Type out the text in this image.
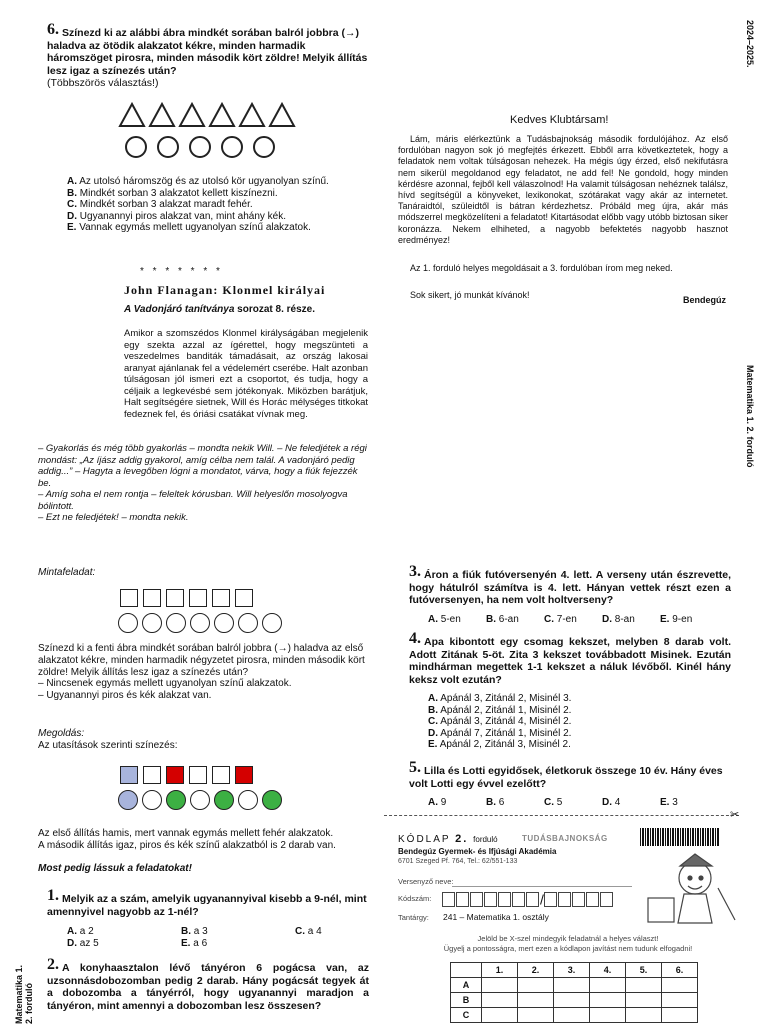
2024–2025.
Matematika 1. 2. forduló
Matematika 1. 2. forduló
6. Színezd ki az alábbi ábra mindkét sorában balról jobbra (→) haladva az ötödik alakzatot kékre, minden harmadik háromszöget pirosra, minden második kört zöldre! Melyik állítás lesz igaz a színezés után?
(Többszörös választás!)
A. Az utolsó háromszög és az utolsó kör ugyanolyan színű.
B. Mindkét sorban 3 alakzatot kellett kiszínezni.
C. Mindkét sorban 3 alakzat maradt fehér.
D. Ugyanannyi piros alakzat van, mint ahány kék.
E. Vannak egymás mellett ugyanolyan színű alakzatok.
* * * * * * *
John Flanagan: Klonmel királyai
A Vadonjáró tanítványa sorozat 8. része.
Amikor a szomszédos Klonmel királyságában megjelenik egy szekta azzal az ígérettel, hogy megszünteti a veszedelmes banditák támadásait, az ország lakosai aranyat ajánlanak fel a védelemért cserébe. Halt azonban túlságosan jól ismeri ezt a csoportot, és tudja, hogy a céljaik a legkevésbé sem jótékonyak. Miközben barátjuk, Halt segítségére sietnek, Will és Horác mélységes titkokat fedeznek fel, és óriási csatákat vívnak meg.
– Gyakorlás és még több gyakorlás – mondta nekik Will. – Ne feledjétek a régi mondást: „Az íjász addig gyakorol, amíg célba nem talál. A vadonjáró pedig addig...” – Hagyta a levegőben lógni a mondatot, várva, hogy a fiúk fejezzék be.
– Amíg soha el nem rontja – feleltek kórusban. Will helyeslőn mosolyogva bólintott.
– Ezt ne feledjétek! – mondta nekik.
Kedves Klubtársam!
Lám, máris elérkeztünk a Tudásbajnokság második fordulójához. Az első fordulóban nagyon sok jó megfejtés érkezett. Ebből arra következtetek, hogy a feladatok nem voltak túlságosan nehezek. Ha mégis úgy érzed, első nekifutásra nem sikerül megoldanod egy feladatot, ne add fel! Ne gondold, hogy minden kérdésre azonnal, fejből kell válaszolnod! Ha valamit túlságosan nehéznek találsz, hívd segítségül a könyveket, lexikonokat, szótárakat vagy akár az internetet. Tanáraidtól, szüleidtől is bátran kérdezhetsz. Próbáld meg újra, akár más módszerrel megközelíteni a feladatot! Kitartásodat előbb vagy utóbb biztosan siker koronázza. Nekem elhiheted, a nagyobb befektetés nagyobb hasznot eredményez!
Az 1. forduló helyes megoldásait a 3. fordulóban írom meg neked.
Sok sikert, jó munkát kívánok!	Bendegúz
Mintafeladat:
Színezd ki a fenti ábra mindkét sorában balról jobbra (→) haladva az első alakzatot kékre, minden harmadik négyzetet pirosra, minden második kört zöldre! Melyik állítás lesz igaz a színezés után?
– Nincsenek egymás mellett ugyanolyan színű alakzatok.
– Ugyanannyi piros és kék alakzat van.
Megoldás:
Az utasítások szerinti színezés:
Az első állítás hamis, mert vannak egymás mellett fehér alakzatok.
A második állítás igaz, piros és kék színű alakzatból is 2 darab van.
Most pedig lássuk a feladatokat!
1. Melyik az a szám, amelyik ugyanannyival kisebb a 9-nél, mint amennyivel nagyobb az 1-nél?
A. a 2	B. a 3	C. a 4
D. az 5	E. a 6
2. A konyhaasztalon lévő tányéron 6 pogácsa van, az uzsonnásdobozomban pedig 2 darab. Hány pogácsát tegyek át a dobozomba a tányérról, hogy ugyanannyi maradjon a tányéron, mint amennyi a dobozomban lesz összesen?
3. Áron a fiúk futóversenyén 4. lett. A verseny után észrevette, hogy hátulról számítva is 4. lett. Hányan vettek részt ezen a futóversenyen, ha nem volt holtverseny?
A. 5-en	B. 6-an	C. 7-en	D. 8-an	E. 9-en
4. Apa kibontott egy csomag kekszet, melyben 8 darab volt. Adott Zitának 5-öt. Zita 3 kekszet továbbadott Misinek. Ezután mindhárman megettek 1-1 kekszet a náluk lévőből. Kinél hány keksz volt ezután?
A. Apánál 3, Zitánál 2, Misinél 3.
B. Apánál 2, Zitánál 1, Misinél 2.
C. Apánál 3, Zitánál 4, Misinél 2.
D. Apánál 7, Zitánál 1, Misinél 2.
E. Apánál 2, Zitánál 3, Misinél 2.
5. Lilla és Lotti egyidősek, életkoruk összege 10 év. Hány éves volt Lotti egy évvel ezelőtt?
A. 9	B. 6	C. 5	D. 4	E. 3
✂
KÓDLAP 2. forduló	TUDÁSBAJNOKSÁG
Bendegúz Gyermek- és Ifjúsági Akadémia
6701 Szeged Pf. 764, Tel.: 62/551-133
Versenyző neve:
Kódszám:	/
Tantárgy: 241 – Matematika 1. osztály
Jelöld be X-szel mindegyik feladatnál a helyes választ!
Ügyelj a pontosságra, mert ezen a kódlapon javítást nem tudunk elfogadni!
	1.	2.	3.	4.	5.	6.
A						
B						
C						
